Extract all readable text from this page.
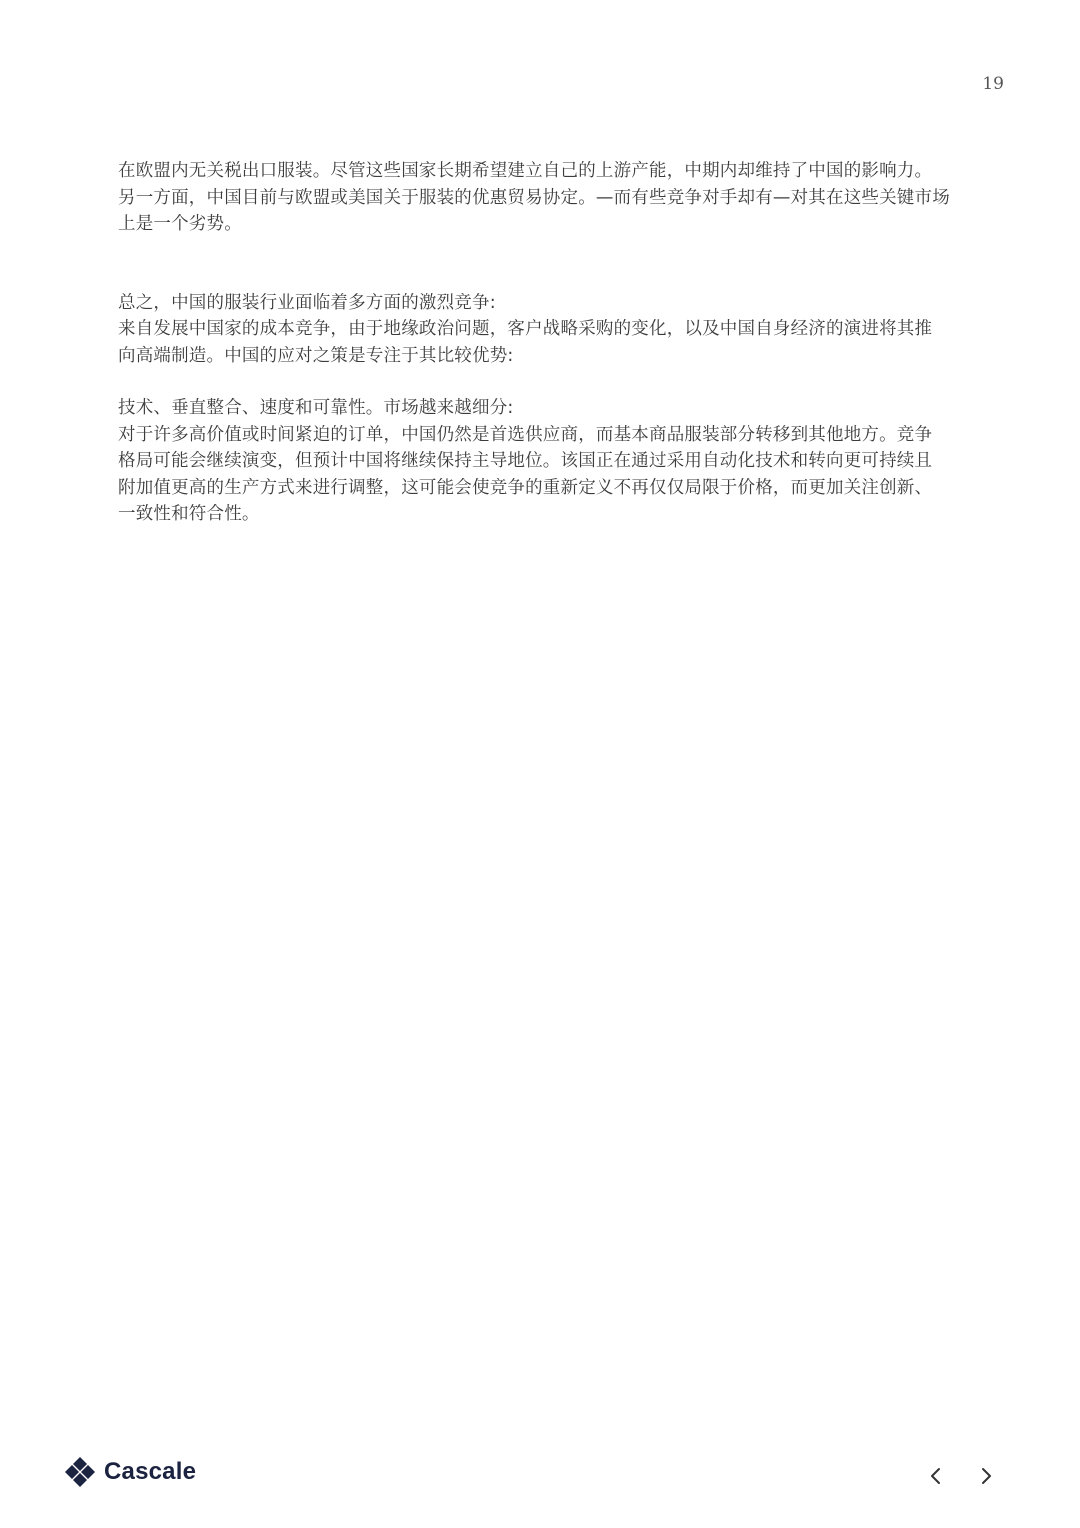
19

在欧盟内无关税出口服装。尽管这些国家长期希望建立自己的上游产能，中期内却维持了中国的影响力。
另一方面，中国目前与欧盟或美国关于服装的优惠贸易协定。—而有些竞争对手却有—对其在这些关键市场
上是一个劣势。

总之，中国的服装行业面临着多方面的激烈竞争:
来自发展中国家的成本竞争，由于地缘政治问题，客户战略采购的变化，以及中国自身经济的演进将其推
向高端制造。中国的应对之策是专注于其比较优势:

技术、垂直整合、速度和可靠性。市场越来越细分:
对于许多高价值或时间紧迫的订单，中国仍然是首选供应商，而基本商品服装部分转移到其他地方。竞争
格局可能会继续演变，但预计中国将继续保持主导地位。该国正在通过采用自动化技术和转向更可持续且
附加值更高的生产方式来进行调整，这可能会使竞争的重新定义不再仅仅局限于价格，而更加关注创新、
一致性和符合性。

Cascale
